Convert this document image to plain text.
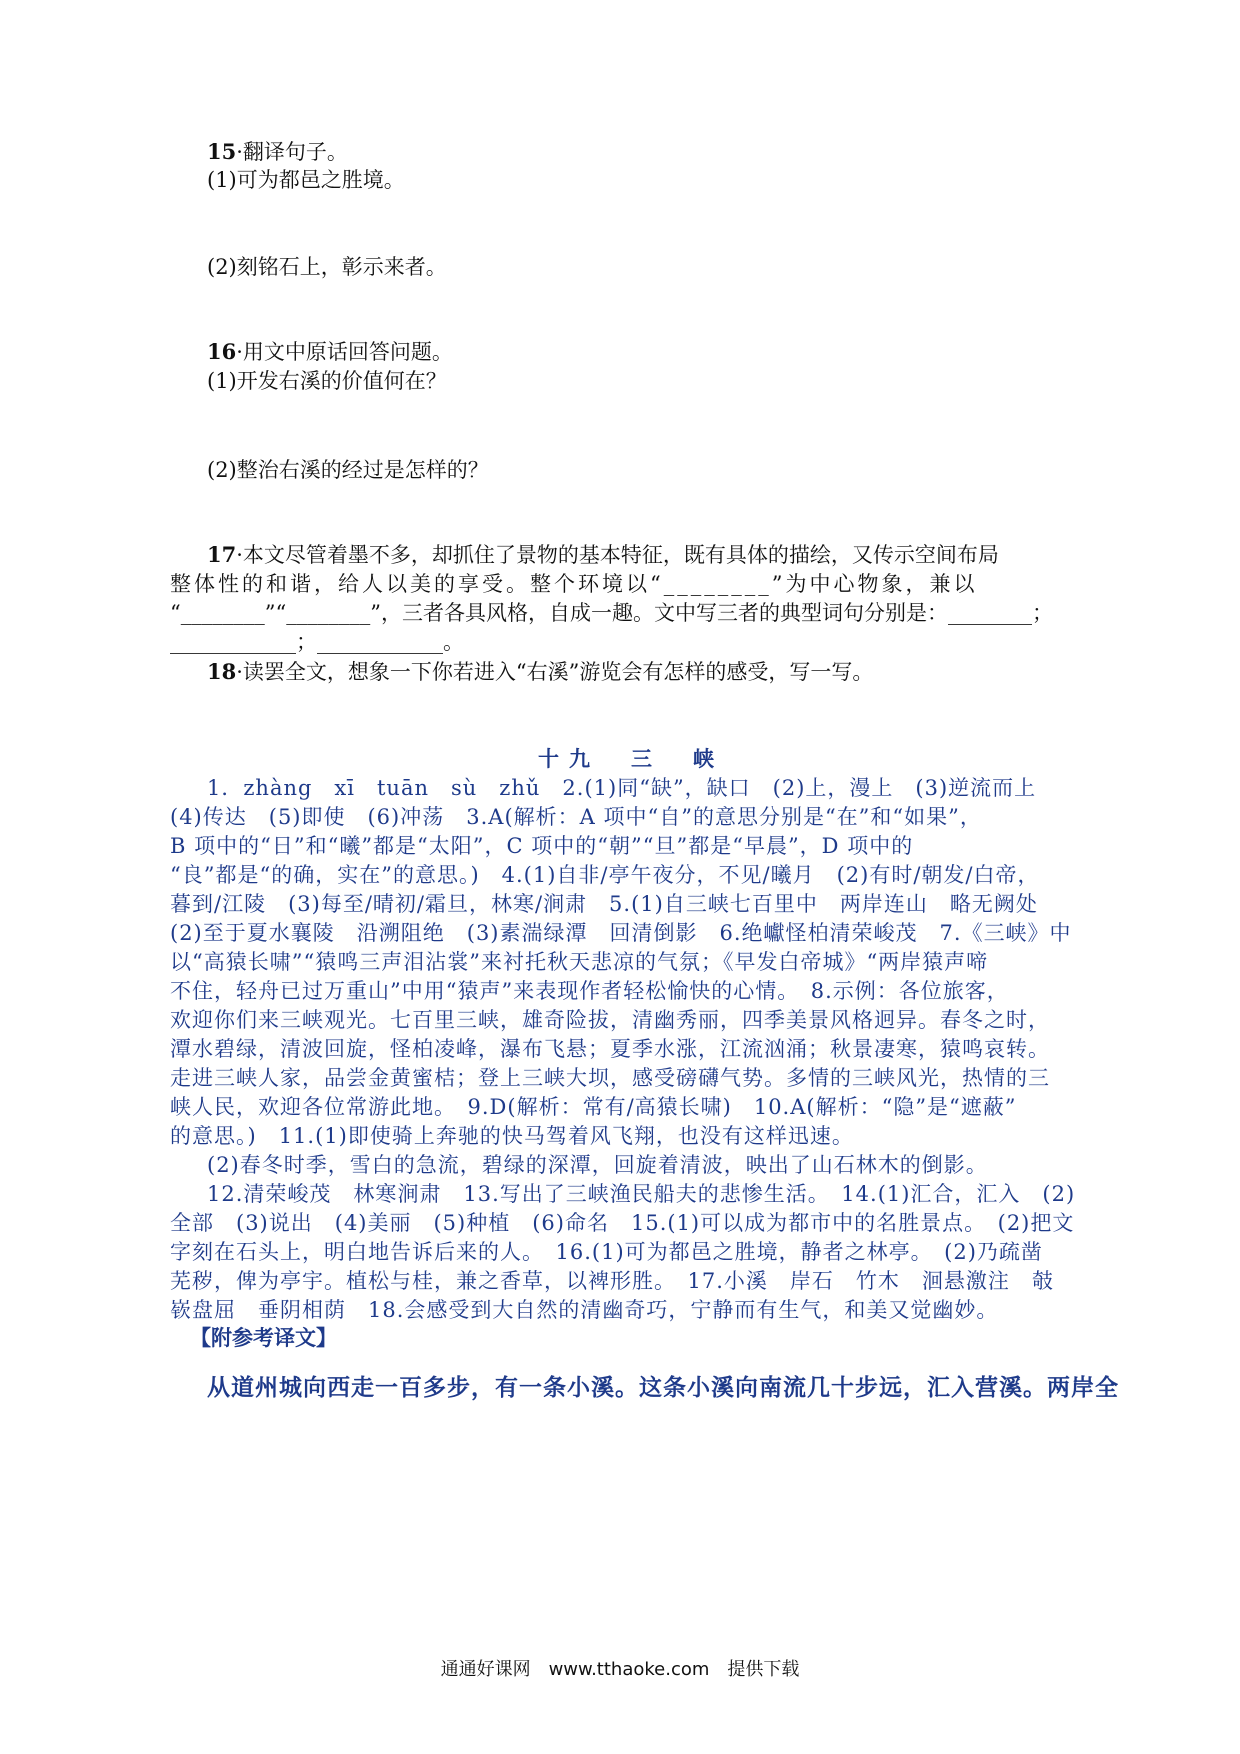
15·翻译句子。
(1)可为都邑之胜境。
(2)刻铭石上，彰示来者。
16·用文中原话回答问题。
(1)开发右溪的价值何在？
(2)整治右溪的经过是怎样的？
17·本文尽管着墨不多，却抓住了景物的基本特征，既有具体的描绘，又传示空间布局
整体性的和谐，给人以美的享受。整个环境以“________”为中心物象，兼以
“________”“________”，三者各具风格，自成一趣。文中写三者的典型词句分别是：________；
____________；____________。
18·读罢全文，想象一下你若进入“右溪”游览会有怎样的感受，写一写。
十九　三　峡
1．zhàng　xī　tuān　sù　zhǔ　2.(1)同“缺”，缺口　(2)上，漫上　(3)逆流而上
(4)传达　(5)即使　(6)冲荡　3.A(解析：A 项中“自”的意思分别是“在”和“如果”，
B 项中的“日”和“曦”都是“太阳”，C 项中的“朝”“旦”都是“早晨”，D 项中的
“良”都是“的确，实在”的意思。)　4.(1)自非/亭午夜分，不见/曦月　(2)有时/朝发/白帝，
暮到/江陵　(3)每至/晴初/霜旦，林寒/涧肃　5.(1)自三峡七百里中　两岸连山　略无阙处
(2)至于夏水襄陵　沿溯阻绝　(3)素湍绿潭　回清倒影　6.绝巘怪柏清荣峻茂　7.《三峡》中
以“高猿长啸”“猿鸣三声泪沾裳”来衬托秋天悲凉的气氛；《早发白帝城》“两岸猿声啼
不住，轻舟已过万重山”中用“猿声”来表现作者轻松愉快的心情。　8.示例：各位旅客，
欢迎你们来三峡观光。七百里三峡，雄奇险拔，清幽秀丽，四季美景风格迥异。春冬之时，
潭水碧绿，清波回旋，怪柏凌峰，瀑布飞悬；夏季水涨，江流汹涌；秋景凄寒，猿鸣哀转。
走进三峡人家，品尝金黄蜜桔；登上三峡大坝，感受磅礴气势。多情的三峡风光，热情的三
峡人民，欢迎各位常游此地。　9.D(解析：常有/高猿长啸)　10.A(解析：“隐”是“遮蔽”
的意思。)　11.(1)即使骑上奔驰的快马驾着风飞翔，也没有这样迅速。
(2)春冬时季，雪白的急流，碧绿的深潭，回旋着清波，映出了山石林木的倒影。
12.清荣峻茂　林寒涧肃　13.写出了三峡渔民船夫的悲惨生活。　14.(1)汇合，汇入　(2)
全部　(3)说出　(4)美丽　(5)种植　(6)命名　15.(1)可以成为都市中的名胜景点。　(2)把文
字刻在石头上，明白地告诉后来的人。　16.(1)可为都邑之胜境，静者之林亭。　(2)乃疏凿
芜秽，俾为亭宇。植松与桂，兼之香草，以裨形胜。　17.小溪　岸石　竹木　洄悬激注　攲
嵚盘屈　垂阴相荫　18.会感受到大自然的清幽奇巧，宁静而有生气，和美又觉幽妙。
【附参考译文】
从道州城向西走一百多步，有一条小溪。这条小溪向南流几十步远，汇入营溪。两岸全
通通好课网　www.tthaoke.com　提供下载
